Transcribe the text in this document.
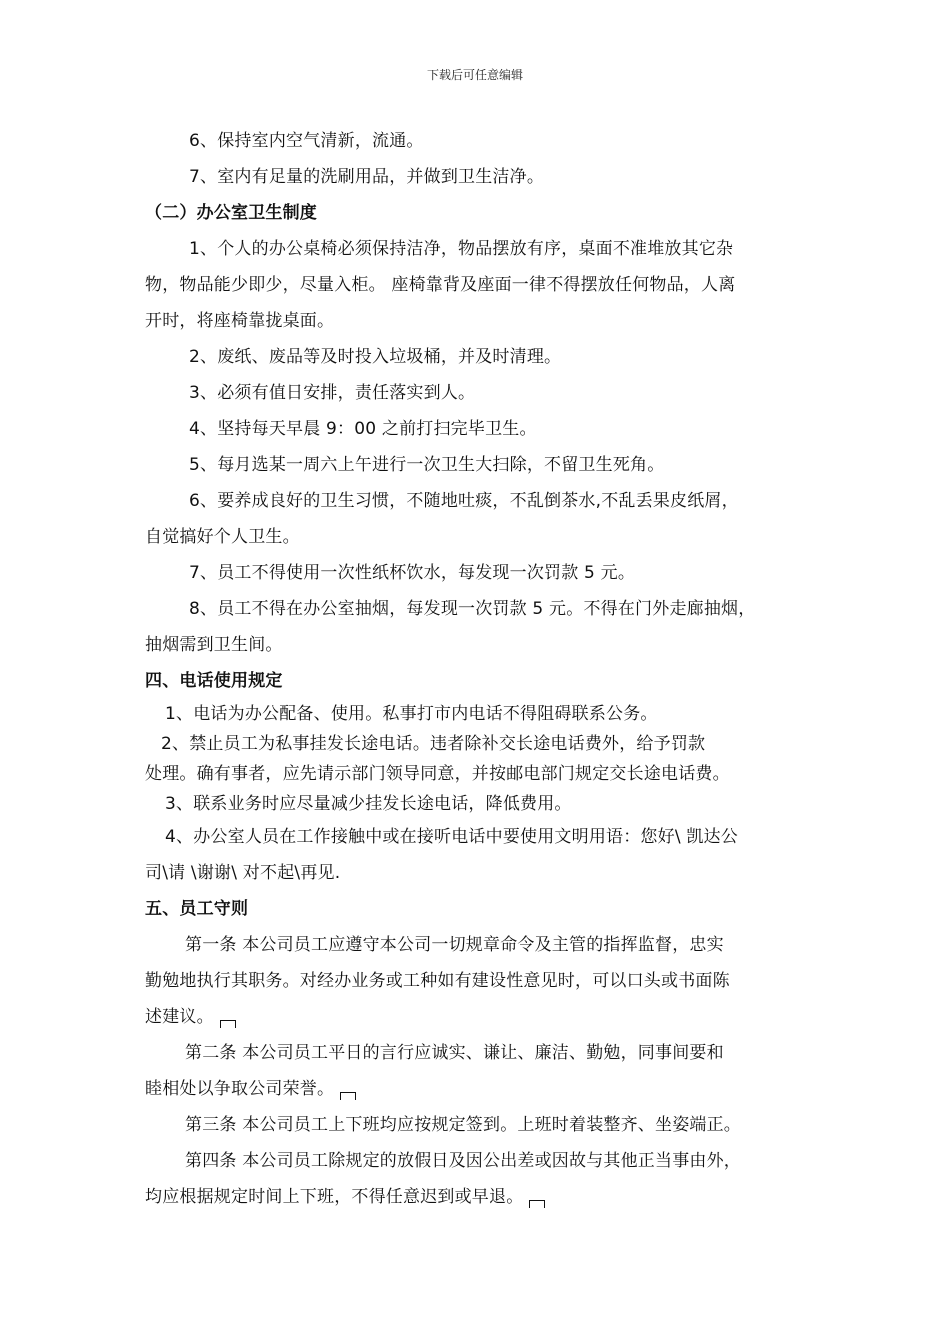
下载后可任意编辑
6、保持室内空气清新，流通。
7、室内有足量的洗刷用品，并做到卫生洁净。
（二）办公室卫生制度
1、个人的办公桌椅必须保持洁净，物品摆放有序，桌面不准堆放其它杂
物，物品能少即少，尽量入柜。 座椅靠背及座面一律不得摆放任何物品，人离
开时，将座椅靠拢桌面。
2、废纸、废品等及时投入垃圾桶，并及时清理。
3、必须有值日安排，责任落实到人。
4、坚持每天早晨 9：00 之前打扫完毕卫生。
5、每月选某一周六上午进行一次卫生大扫除，不留卫生死角。
6、要养成良好的卫生习惯，不随地吐痰，不乱倒茶水,不乱丢果皮纸屑，
自觉搞好个人卫生。
7、员工不得使用一次性纸杯饮水，每发现一次罚款 5 元。
8、员工不得在办公室抽烟，每发现一次罚款 5 元。不得在门外走廊抽烟，
抽烟需到卫生间。
四、电话使用规定
1、电话为办公配备、使用。私事打市内电话不得阻碍联系公务。
2、禁止员工为私事挂发长途电话。违者除补交长途电话费外，给予罚款
处理。确有事者，应先请示部门领导同意，并按邮电部门规定交长途电话费。
3、联系业务时应尽量减少挂发长途电话，降低费用。
4、办公室人员在工作接触中或在接听电话中要使用文明用语：您好\ 凯达公
司\请 \谢谢\ 对不起\再见.
五、员工守则
第一条 本公司员工应遵守本公司一切规章命令及主管的指挥监督，忠实
勤勉地执行其职务。对经办业务或工种如有建设性意见时，可以口头或书面陈
述建议。
第二条 本公司员工平日的言行应诚实、谦让、廉洁、勤勉，同事间要和
睦相处以争取公司荣誉。
第三条 本公司员工上下班均应按规定签到。上班时着装整齐、坐姿端正。
第四条 本公司员工除规定的放假日及因公出差或因故与其他正当事由外，
均应根据规定时间上下班，不得任意迟到或早退。
